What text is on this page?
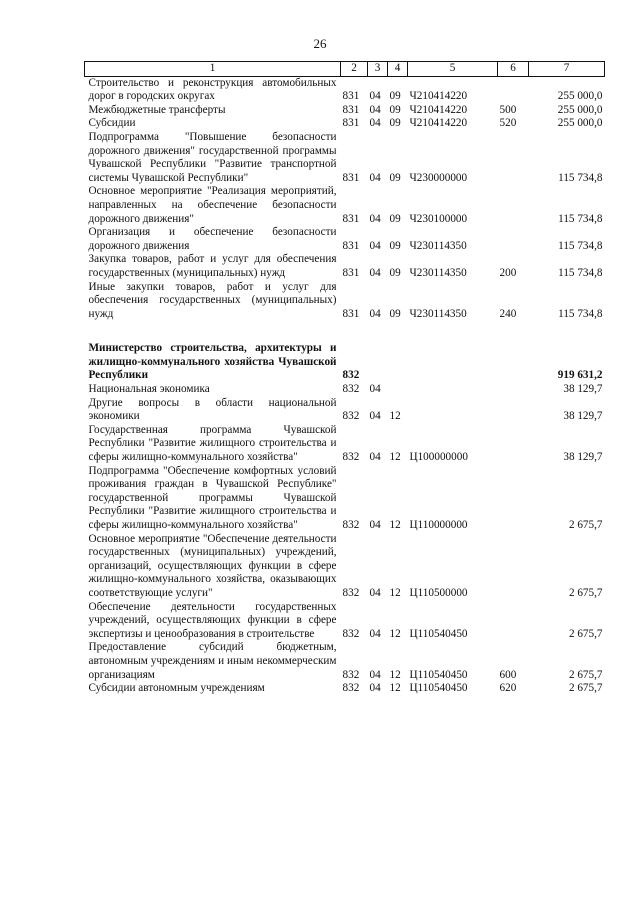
26
1	2	3	4	5	6	7
Строительство и реконструкция автомобильных дорог в городских округах	831	04	09	Ч210414220		255 000,0
Межбюджетные трансферты	831	04	09	Ч210414220	500	255 000,0
Субсидии	831	04	09	Ч210414220	520	255 000,0
Подпрограмма "Повышение безопасности дорожного движения" государственной программы Чувашской Республики "Развитие транспортной системы Чувашской Республики"	831	04	09	Ч230000000		115 734,8
Основное мероприятие "Реализация мероприятий, направленных на обеспечение безопасности дорожного движения"	831	04	09	Ч230100000		115 734,8
Организация и обеспечение безопасности дорожного движения	831	04	09	Ч230114350		115 734,8
Закупка товаров, работ и услуг для обеспечения государственных (муниципальных) нужд	831	04	09	Ч230114350	200	115 734,8
Иные закупки товаров, работ и услуг для обеспечения государственных (муниципальных) нужд	831	04	09	Ч230114350	240	115 734,8

Министерство строительства, архитектуры и жилищно-коммунального хозяйства Чувашской Республики	832					919 631,2
Национальная экономика	832	04				38 129,7
Другие вопросы в области национальной экономики	832	04	12			38 129,7
Государственная программа Чувашской Республики "Развитие жилищного строительства и сферы жилищно-коммунального хозяйства"	832	04	12	Ц100000000		38 129,7
Подпрограмма "Обеспечение комфортных условий проживания граждан в Чувашской Республике" государственной программы Чувашской Республики "Развитие жилищного строительства и сферы жилищно-коммунального хозяйства"	832	04	12	Ц110000000		2 675,7
Основное мероприятие "Обеспечение деятельности государственных (муниципальных) учреждений, организаций, осуществляющих функции в сфере жилищно-коммунального хозяйства, оказывающих соответствующие услуги"	832	04	12	Ц110500000		2 675,7
Обеспечение деятельности государственных учреждений, осуществляющих функции в сфере экспертизы и ценообразования в строительстве	832	04	12	Ц110540450		2 675,7
Предоставление субсидий бюджетным, автономным учреждениям и иным некоммерческим организациям	832	04	12	Ц110540450	600	2 675,7
Субсидии автономным учреждениям	832	04	12	Ц110540450	620	2 675,7
